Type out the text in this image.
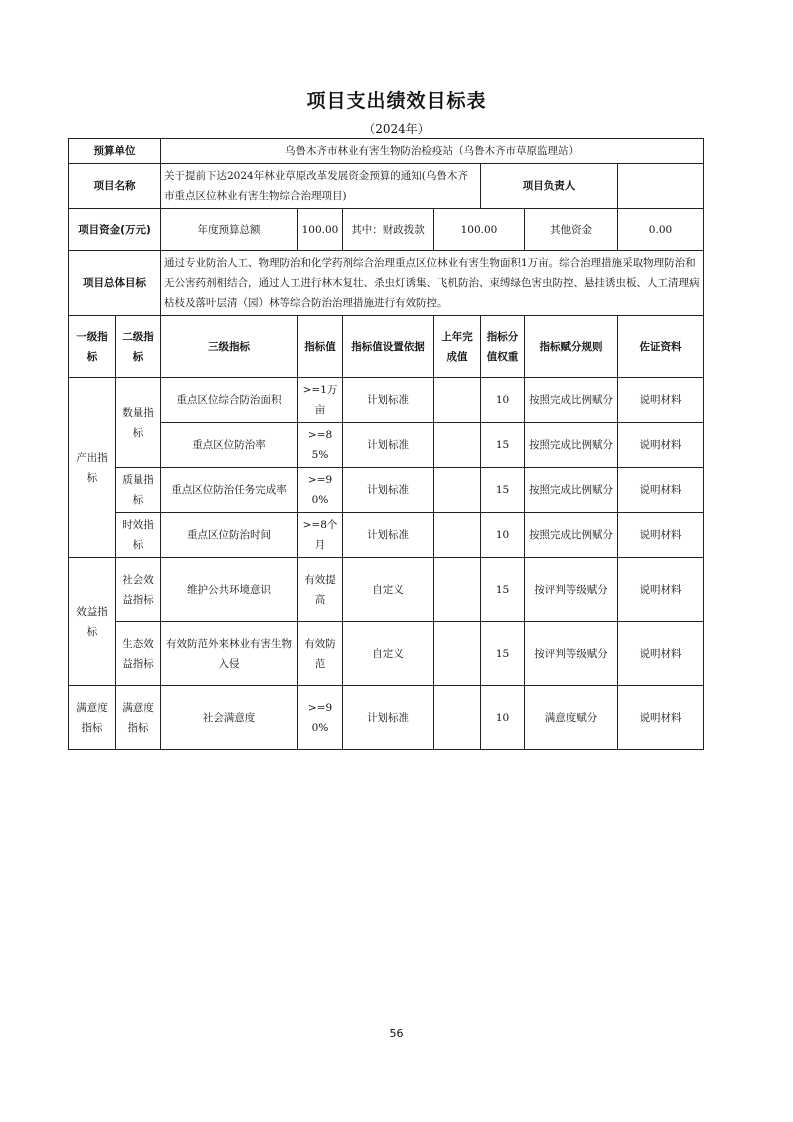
项目支出绩效目标表
（2024年）
预算单位		乌鲁木齐市林业有害生物防治检疫站（乌鲁木齐市草原监理站）						
项目名称		关于提前下达2024年林业草原改革发展资金预算的通知(乌鲁木齐市重点区位林业有害生物综合治理项目)				项目负责人		
项目资金(万元)		年度预算总额	100.00	其中：财政拨款	100.00		其他资金	0.00
项目总体目标		通过专业防治人工、物理防治和化学药剂综合治理重点区位林业有害生物面积1万亩。综合治理措施采取物理防治和无公害药剂相结合，通过人工进行林木复壮、杀虫灯诱集、飞机防治、束缚绿色害虫防控、悬挂诱虫板、人工清理病枯枝及落叶层清（园）林等综合防治治理措施进行有效防控。						
一级指标	二级指标	三级指标	指标值	指标值设置依据	上年完成值	指标分值权重	指标赋分规则	佐证资料
产出指标	数量指标	重点区位综合防治面积	>=1万亩	计划标准		10	按照完成比例赋分	说明材料
		重点区位防治率	>=85%	计划标准		15	按照完成比例赋分	说明材料
	质量指标	重点区位防治任务完成率	>=90%	计划标准		15	按照完成比例赋分	说明材料
	时效指标	重点区位防治时间	>=8个月	计划标准		10	按照完成比例赋分	说明材料
效益指标	社会效益指标	维护公共环境意识	有效提高	自定义		15	按评判等级赋分	说明材料
	生态效益指标	有效防范外来林业有害生物入侵	有效防范	自定义		15	按评判等级赋分	说明材料
满意度指标	满意度指标	社会满意度	>=90%	计划标准		10	满意度赋分	说明材料
56
